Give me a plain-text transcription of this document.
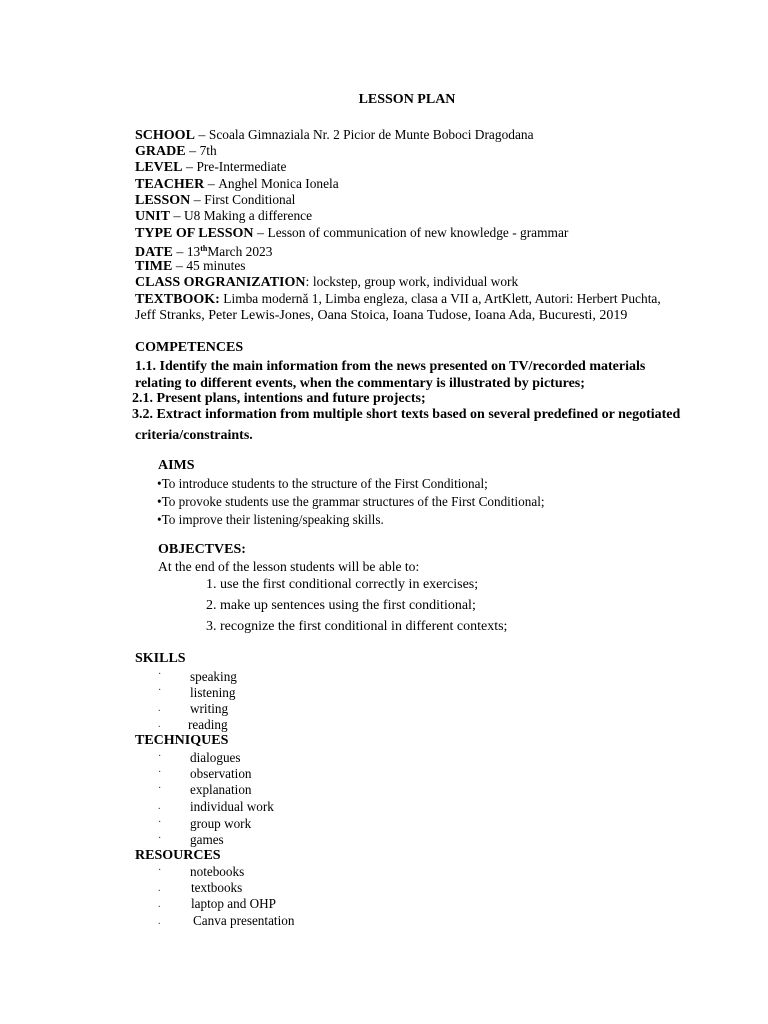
LESSON PLAN
SCHOOL – Scoala Gimnaziala Nr. 2 Picior de Munte Boboci Dragodana
GRADE – 7th
LEVEL – Pre-Intermediate
TEACHER – Anghel Monica Ionela
LESSON – First Conditional
UNIT – U8 Making a difference
TYPE OF LESSON – Lesson of communication of new knowledge - grammar
DATE – 13thMarch 2023
TIME – 45 minutes
CLASS ORGRANIZATION: lockstep, group work, individual work
TEXTBOOK: Limba modernă 1, Limba engleza, clasa a VII a, ArtKlett, Autori: Herbert Puchta,
Jeff Stranks, Peter Lewis-Jones, Oana Stoica, Ioana Tudose, Ioana Ada, Bucuresti, 2019
COMPETENCES
1.1. Identify the main information from the news presented on TV/recorded materials
relating to different events, when the commentary is illustrated by pictures;
2.1. Present plans, intentions and future projects;
3.2. Extract information from multiple short texts based on several predefined or negotiated
criteria/constraints.
AIMS
•To introduce students to the structure of the First Conditional;
•To provoke students use the grammar structures of the First Conditional;
•To improve their listening/speaking skills.
OBJECTVES:
At the end of the lesson students will be able to:
1. use the first conditional correctly in exercises;
2. make up sentences using the first conditional;
3. recognize the first conditional in different contexts;
SKILLS
· speaking
· listening
. writing
. reading
TECHNIQUES
· dialogues
· observation
· explanation
. individual work
· group work
· games
RESOURCES
· notebooks
. textbooks
. laptop and OHP
. Canva presentation
